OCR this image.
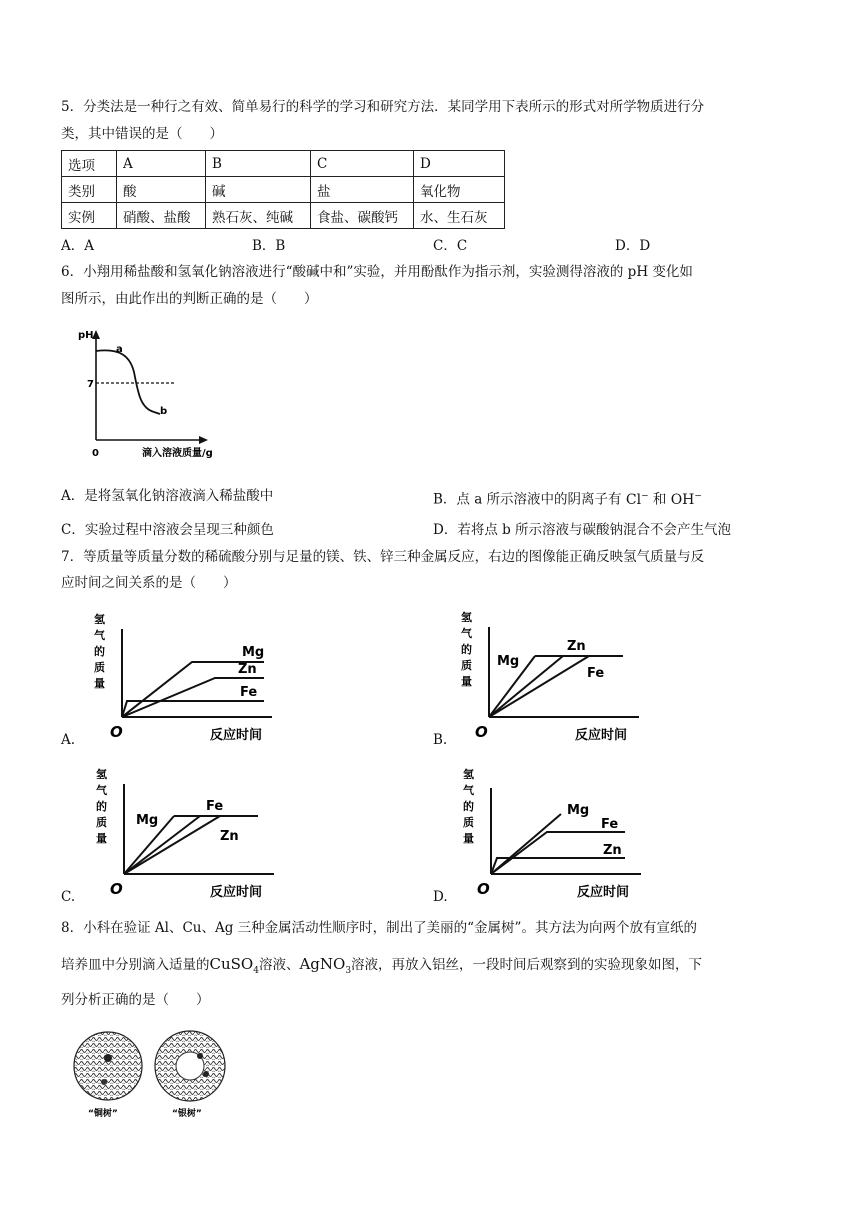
5．分类法是一种行之有效、简单易行的科学的学习和研究方法．某同学用下表所示的形式对所学物质进行分
类，其中错误的是（　　）
选项	A	B	C	D
类别	酸	碱	盐	氧化物
实例	硝酸、盐酸	熟石灰、纯碱	食盐、碳酸钙	水、生石灰
A．A	B．B	C．C	D．D
6．小翔用稀盐酸和氢氧化钠溶液进行“酸碱中和”实验，并用酚酞作为指示剂，实验测得溶液的 pH 变化如
图所示，由此作出的判断正确的是（　　）
pH
7
0
a
b
滴入溶液质量/g
A．是将氢氧化钠溶液滴入稀盐酸中	B．点 a 所示溶液中的阴离子有 Cl− 和 OH−
C．实验过程中溶液会呈现三种颜色	D．若将点 b 所示溶液与碳酸钠混合不会产生气泡
7．等质量等质量分数的稀硫酸分别与足量的镁、铁、锌三种金属反应，右边的图像能正确反映氢气质量与反
应时间之间关系的是（　　）
氢
气
的
质
量
Mg
Zn
Fe
O	反应时间
A.
氢
气
的
质
量
Mg
Zn
Fe
O	反应时间
B.
氢
气
的
质
量
Mg
Fe
Zn
O	反应时间
C.
氢
气
的
质
量
Mg
Fe
Zn
O	反应时间
D.
8．小科在验证 Al、Cu、Ag 三种金属活动性顺序时，制出了美丽的“金属树”。其方法为向两个放有宣纸的
培养皿中分别滴入适量的CuSO$_4$溶液、AgNO$_3$溶液，再放入铝丝，一段时间后观察到的实验现象如图，下
列分析正确的是（　　）
“铜树”	“银树”
